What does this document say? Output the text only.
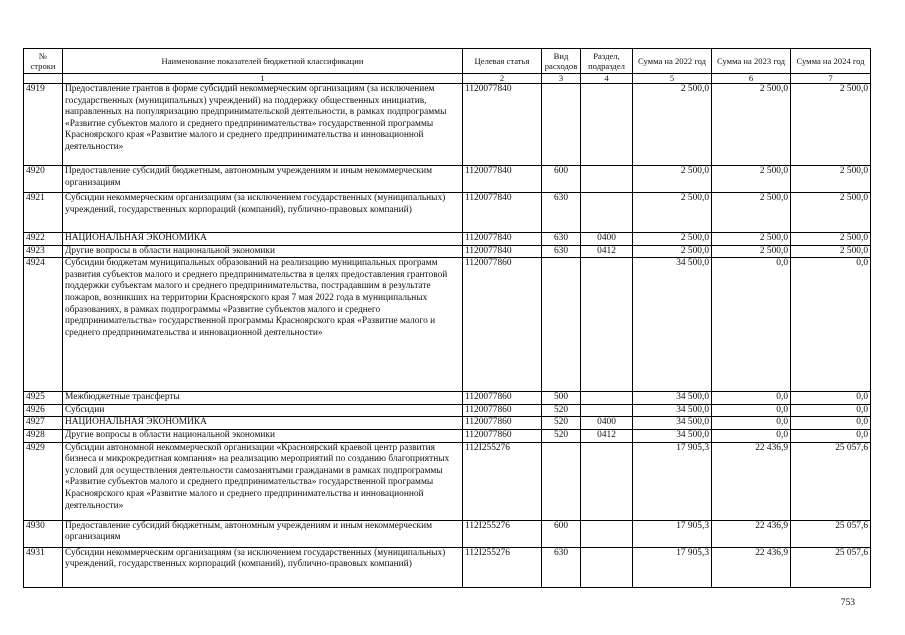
№ строки	Наименование показателей бюджетной классификации	Целевая статья	Вид расходов	Раздел, подраздел	Сумма на 2022 год	Сумма на 2023 год	Сумма на 2024 год
	1	2	3	4	5	6	7
4919	Предоставление грантов в форме субсидий некоммерческим организациям (за исключением государственных (муниципальных) учреждений) на поддержку общественных инициатив, направленных на популяризацию предпринимательской деятельности, в рамках подпрограммы «Развитие субъектов малого и среднего предпринимательства» государственной программы Красноярского края «Развитие малого и среднего предпринимательства и инновационной деятельности»	1120077840			2 500,0	2 500,0	2 500,0
4920	Предоставление субсидий бюджетным, автономным учреждениям и иным некоммерческим организациям	1120077840	600		2 500,0	2 500,0	2 500,0
4921	Субсидии некоммерческим организациям (за исключением государственных (муниципальных) учреждений, государственных корпораций (компаний), публично-правовых компаний)	1120077840	630		2 500,0	2 500,0	2 500,0
4922	НАЦИОНАЛЬНАЯ ЭКОНОМИКА	1120077840	630	0400	2 500,0	2 500,0	2 500,0
4923	Другие вопросы в области национальной экономики	1120077840	630	0412	2 500,0	2 500,0	2 500,0
4924	Субсидии бюджетам муниципальных образований на реализацию муниципальных программ развития субъектов малого и среднего предпринимательства в целях предоставления грантовой поддержки субъектам малого и среднего предпринимательства, пострадавшим в результате пожаров, возникших на территории Красноярского края 7 мая 2022 года в муниципальных образованиях, в рамках подпрограммы «Развитие субъектов малого и среднего предпринимательства» государственной программы Красноярского края «Развитие малого и среднего предпринимательства и инновационной деятельности»	1120077860			34 500,0	0,0	0,0
4925	Межбюджетные трансферты	1120077860	500		34 500,0	0,0	0,0
4926	Субсидии	1120077860	520		34 500,0	0,0	0,0
4927	НАЦИОНАЛЬНАЯ ЭКОНОМИКА	1120077860	520	0400	34 500,0	0,0	0,0
4928	Другие вопросы в области национальной экономики	1120077860	520	0412	34 500,0	0,0	0,0
4929	Субсидии автономной некоммерческой организации «Красноярский краевой центр развития бизнеса и микрокредитная компания» на реализацию мероприятий по созданию благоприятных условий для осуществления деятельности самозанятыми гражданами в рамках подпрограммы «Развитие субъектов малого и среднего предпринимательства» государственной программы Красноярского края «Развитие малого и среднего предпринимательства и инновационной деятельности»	112I255276			17 905,3	22 436,9	25 057,6
4930	Предоставление субсидий бюджетным, автономным учреждениям и иным некоммерческим организациям	112I255276	600		17 905,3	22 436,9	25 057,6
4931	Субсидии некоммерческим организациям (за исключением государственных (муниципальных) учреждений, государственных корпораций (компаний), публично-правовых компаний)	112I255276	630		17 905,3	22 436,9	25 057,6
753
